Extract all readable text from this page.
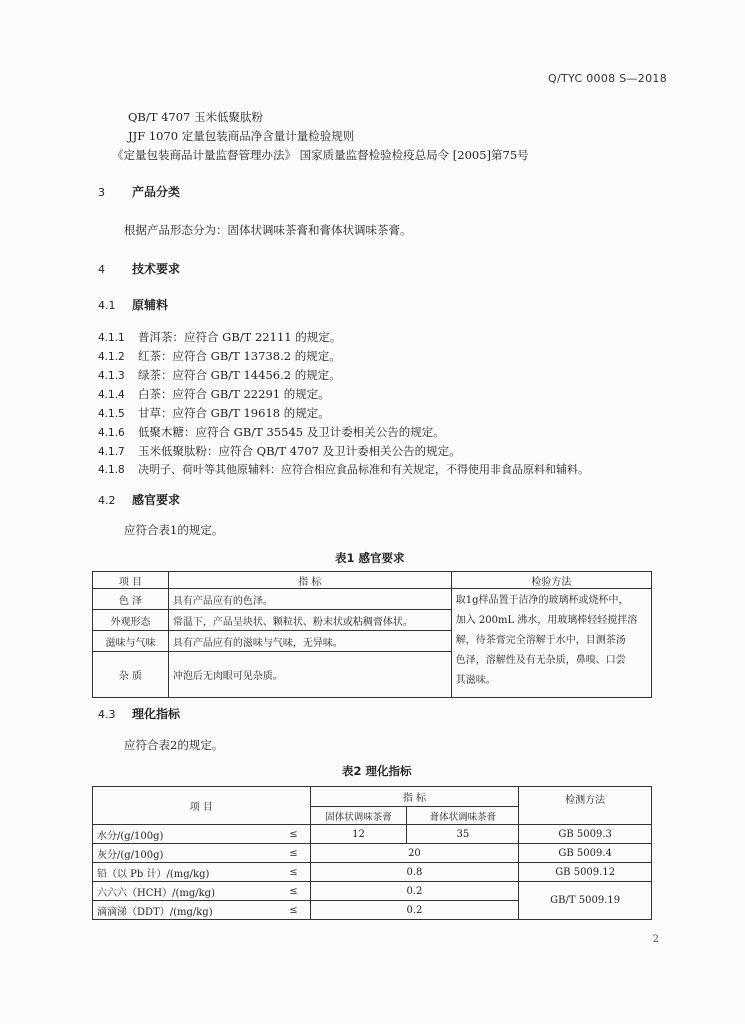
Q/TYC 0008 S—2018
QB/T 4707 玉米低聚肽粉
JJF 1070 定量包装商品净含量计量检验规则
《定量包装商品计量监督管理办法》 国家质量监督检验检疫总局令 [2005]第75号
3 产品分类
根据产品形态分为：固体状调味茶膏和膏体状调味茶膏。
4 技术要求
4.1 原辅料
4.1.1 普洱茶：应符合 GB/T 22111 的规定。
4.1.2 红茶：应符合 GB/T 13738.2 的规定。
4.1.3 绿茶：应符合 GB/T 14456.2 的规定。
4.1.4 白茶：应符合 GB/T 22291 的规定。
4.1.5 甘草：应符合 GB/T 19618 的规定。
4.1.6 低聚木糖：应符合 GB/T 35545 及卫计委相关公告的规定。
4.1.7 玉米低聚肽粉：应符合 QB/T 4707 及卫计委相关公告的规定。
4.1.8 决明子、荷叶等其他原辅料：应符合相应食品标准和有关规定，不得使用非食品原料和辅料。
4.2 感官要求
应符合表1的规定。
表1 感官要求
项 目	指 标	检验方法
色 泽	具有产品应有的色泽。	取1g样品置于洁净的玻璃杯或烧杯中，
加入 200mL 沸水，用玻璃棒轻轻搅拌溶
解，待茶膏完全溶解于水中，目测茶汤
色泽，溶解性及有无杂质，鼻嗅、口尝
其滋味。

外观形态	常温下，产品呈块状、颗粒状、粉末状或粘稠膏体状。	
滋味与气味	具有产品应有的滋味与气味，无异味。	
杂 质	冲泡后无肉眼可见杂质。	
4.3 理化指标
应符合表2的规定。
表2 理化指标
项 目		指 标		检测方法
		固体状调味茶膏	膏体状调味茶膏	
水分/(g/100g)	≤	12	35	GB 5009.3
灰分/(g/100g)	≤	20		GB 5009.4
铅（以 Pb 计）/(mg/kg)	≤	0.8		GB 5009.12
六六六（HCH）/(mg/kg)	≤	0.2		GB/T 5009.19
滴滴涕（DDT）/(mg/kg)	≤	0.2		
2
